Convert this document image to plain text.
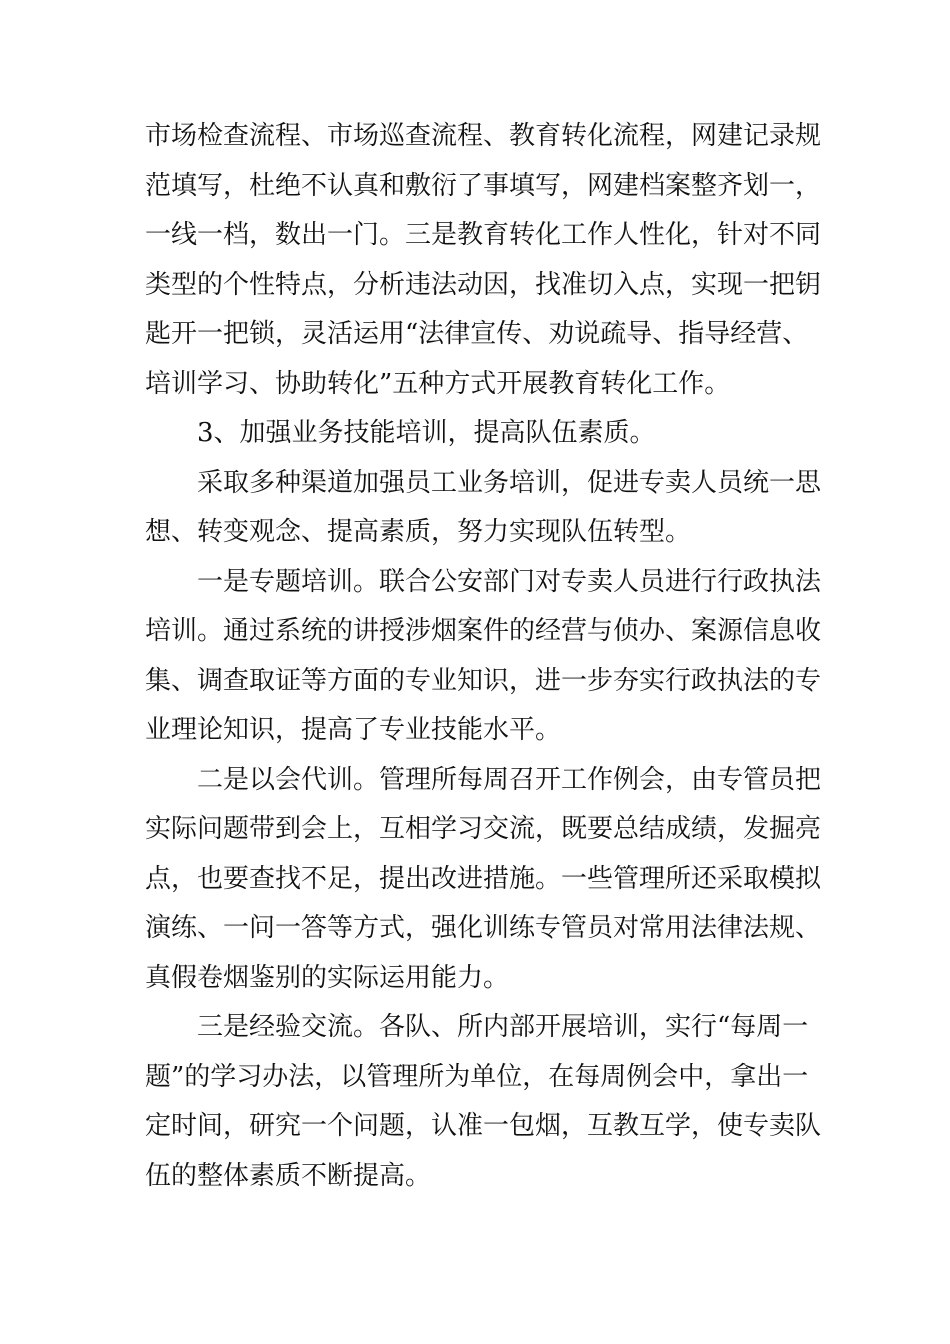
市场检查流程、市场巡查流程、教育转化流程，网建记录规
范填写，杜绝不认真和敷衍了事填写，网建档案整齐划一，
一线一档，数出一门。三是教育转化工作人性化，针对不同
类型的个性特点，分析违法动因，找准切入点，实现一把钥
匙开一把锁，灵活运用“法律宣传、劝说疏导、指导经营、
培训学习、协助转化”五种方式开展教育转化工作。
3、加强业务技能培训，提高队伍素质。
采取多种渠道加强员工业务培训，促进专卖人员统一思
想、转变观念、提高素质，努力实现队伍转型。
一是专题培训。联合公安部门对专卖人员进行行政执法
培训。通过系统的讲授涉烟案件的经营与侦办、案源信息收
集、调查取证等方面的专业知识，进一步夯实行政执法的专
业理论知识，提高了专业技能水平。
二是以会代训。管理所每周召开工作例会，由专管员把
实际问题带到会上，互相学习交流，既要总结成绩，发掘亮
点，也要查找不足，提出改进措施。一些管理所还采取模拟
演练、一问一答等方式，强化训练专管员对常用法律法规、
真假卷烟鉴别的实际运用能力。
三是经验交流。各队、所内部开展培训，实行“每周一
题”的学习办法，以管理所为单位，在每周例会中，拿出一
定时间，研究一个问题，认准一包烟，互教互学，使专卖队
伍的整体素质不断提高。
